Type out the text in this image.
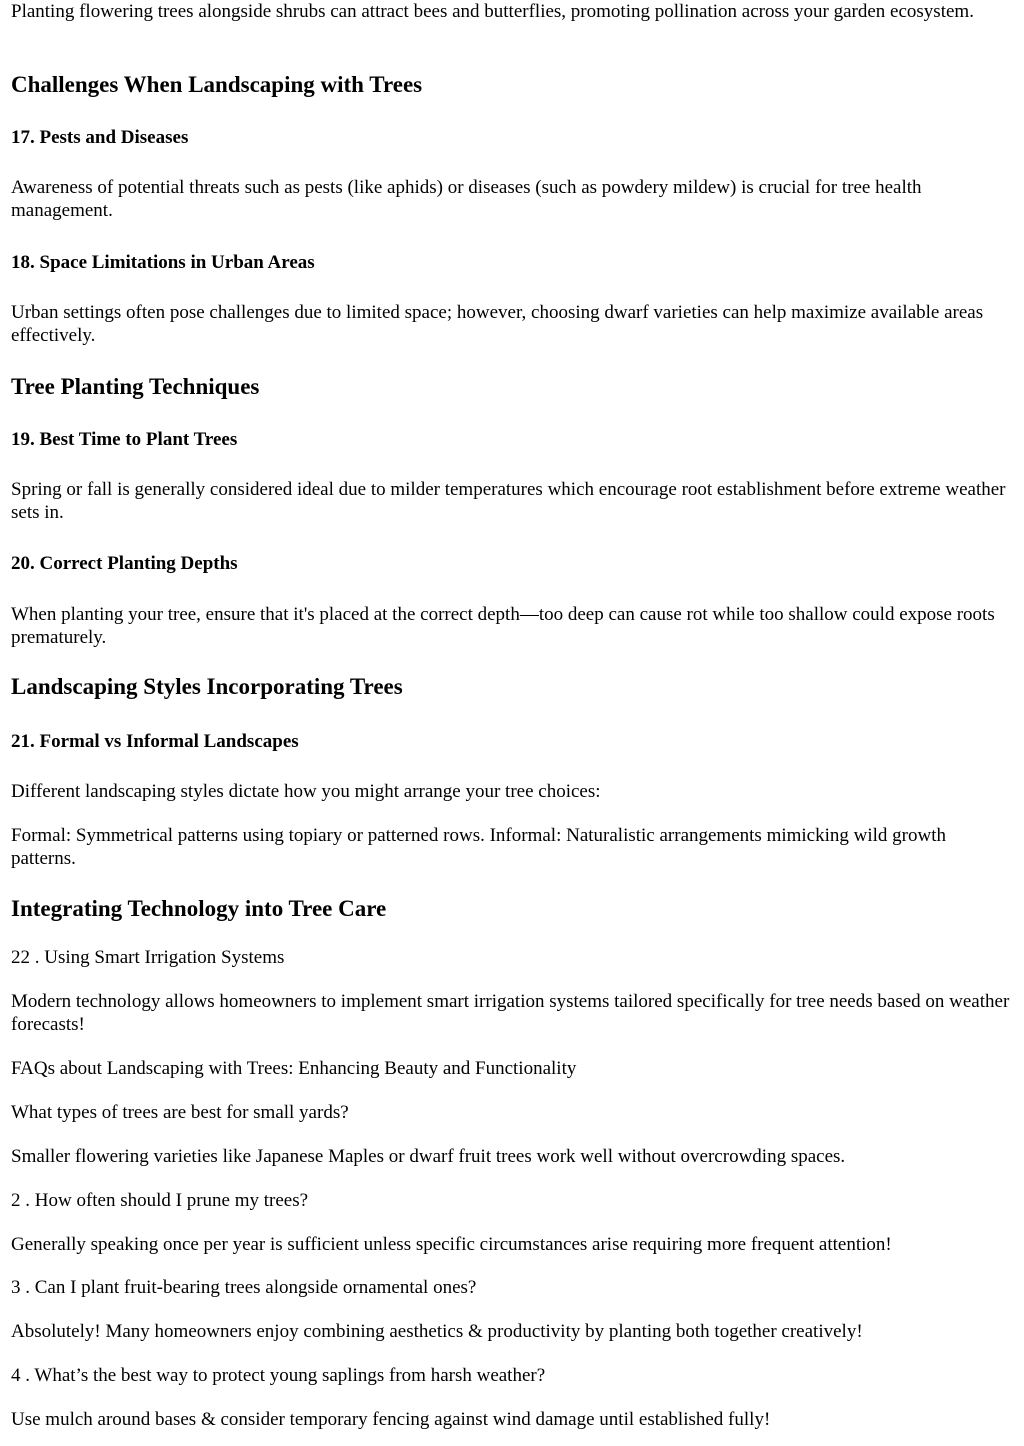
Planting flowering trees alongside shrubs can attract bees and butterflies, promoting pollination across your garden ecosystem.

Challenges When Landscaping with Trees
17. Pests and Diseases

Awareness of potential threats such as pests (like aphids) or diseases (such as powdery mildew) is crucial for tree health management.

18. Space Limitations in Urban Areas

Urban settings often pose challenges due to limited space; however, choosing dwarf varieties can help maximize available areas effectively.

Tree Planting Techniques
19. Best Time to Plant Trees

Spring or fall is generally considered ideal due to milder temperatures which encourage root establishment before extreme weather sets in.

20. Correct Planting Depths

When planting your tree, ensure that it's placed at the correct depth—too deep can cause rot while too shallow could expose roots prematurely.

Landscaping Styles Incorporating Trees
21. Formal vs Informal Landscapes

Different landscaping styles dictate how you might arrange your tree choices:

Formal: Symmetrical patterns using topiary or patterned rows. Informal: Naturalistic arrangements mimicking wild growth patterns.

Integrating Technology into Tree Care

22 . Using Smart Irrigation Systems

Modern technology allows homeowners to implement smart irrigation systems tailored specifically for tree needs based on weather forecasts!

FAQs about Landscaping with Trees: Enhancing Beauty and Functionality

What types of trees are best for small yards?

Smaller flowering varieties like Japanese Maples or dwarf fruit trees work well without overcrowding spaces.

2 . How often should I prune my trees?

Generally speaking once per year is sufficient unless specific circumstances arise requiring more frequent attention!

3 . Can I plant fruit-bearing trees alongside ornamental ones?

Absolutely! Many homeowners enjoy combining aesthetics & productivity by planting both together creatively!

4 . What’s the best way to protect young saplings from harsh weather?

Use mulch around bases & consider temporary fencing against wind damage until established fully!
